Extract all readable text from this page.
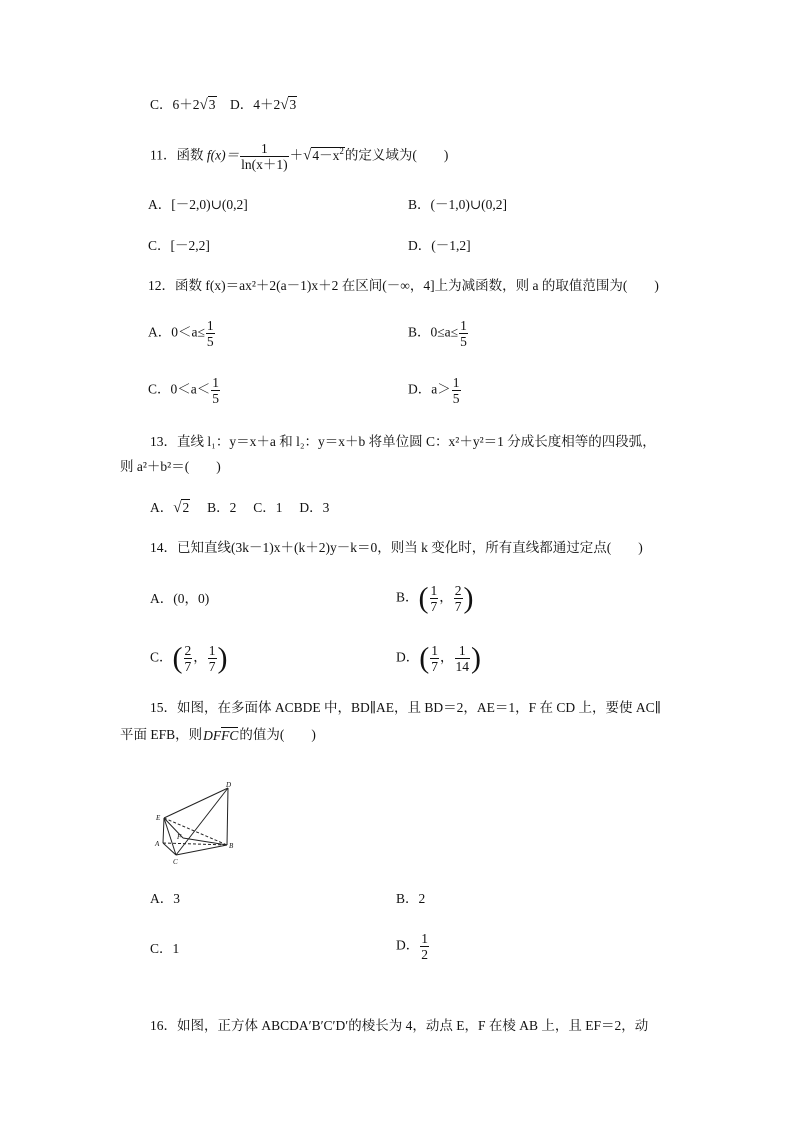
C．6＋2√3 D．4＋2√3
11．函数 $f(x)= \frac{1}{\ln(x+1)} +√4-x^2$的定义域为(　　)
A．[－2,0)∪(0,2]	B．(－1,0)∪(0,2]
C．[－2,2]	D．(－1,2]
12．函数 f(x)＝ax²＋2(a－1)x＋2 在区间(－∞，4]上为减函数，则 a 的取值范围为(　　)
A．$0<a\le \frac{1}{5}$	B．$0\le a\le \frac{1}{5}$
C．$0<a< \frac{1}{5}$	D．$a> \frac{1}{5}$
13．直线 l₁：y＝x＋a 和 l₂：y＝x＋b 将单位圆 C：x²＋y²＝1 分成长度相等的四段弧，
则 a²＋b²＝(　　)
A．√2 B．2 C．1 D．3
14．已知直线(3k－1)x＋(k＋2)y－k＝0，则当 k 变化时，所有直线都通过定点(　　)
A．(0，0)	B．( $\frac{1}{7}$ ， $\frac{2}{7}$ )
C．( $\frac{2}{7}$ ， $\frac{1}{7}$ )	D．( $\frac{1}{7}$ ， $\frac{1}{14}$ )
15．如图，在多面体 ACBDE 中，BD∥AE，且 BD＝2，AE＝1，F 在 CD 上，要使 AC∥
平面 EFB，则DFFC的值为(　　)
D
E
F
A	B
C
A．3	B．2
C．1	D． $\frac{1}{2}$
16．如图，正方体 ABCDA′B′C′D′的棱长为 4，动点 E，F 在棱 AB 上，且 EF＝2，动
